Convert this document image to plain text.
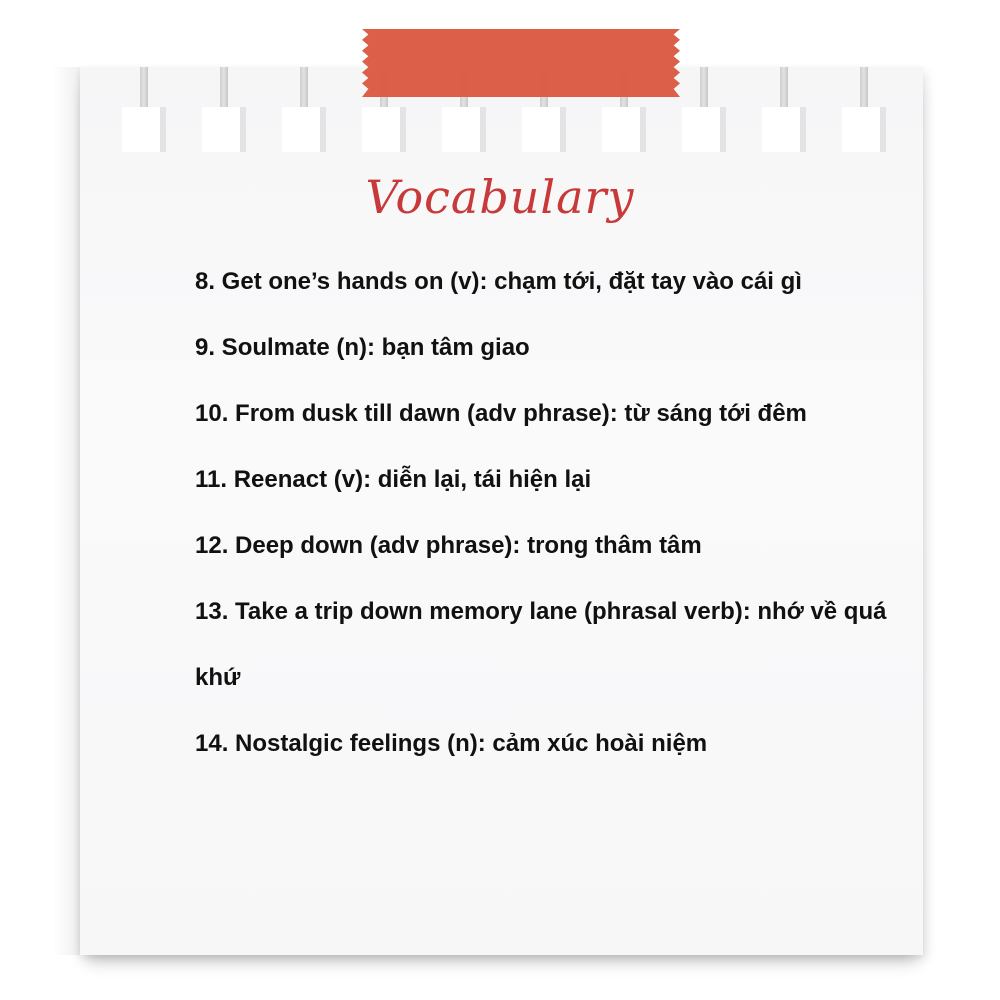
Vocabulary
8. Get one’s hands on (v): chạm tới, đặt tay vào cái gì
9. Soulmate (n): bạn tâm giao
10. From dusk till dawn (adv phrase): từ sáng tới đêm
11. Reenact (v): diễn lại, tái hiện lại
12. Deep down (adv phrase): trong thâm tâm
13. Take a trip down memory lane (phrasal verb): nhớ về quá khứ
14. Nostalgic feelings (n): cảm xúc hoài niệm
